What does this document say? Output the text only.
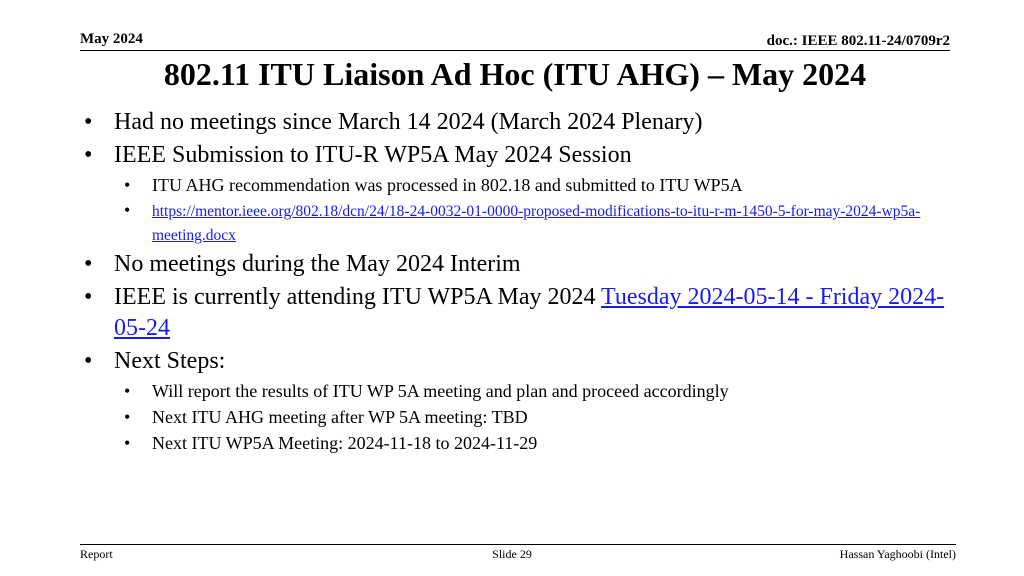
May 2024	doc.: IEEE 802.11-24/0709r2
802.11 ITU Liaison Ad Hoc (ITU AHG) – May 2024
• Had no meetings since March 14 2024 (March 2024 Plenary)
• IEEE Submission to ITU-R WP5A May 2024 Session
• ITU AHG recommendation was processed in 802.18 and submitted to ITU WP5A
• https://mentor.ieee.org/802.18/dcn/24/18-24-0032-01-0000-proposed-modifications-to-itu-r-m-1450-5-for-may-2024-wp5a-meeting.docx
• No meetings during the May 2024 Interim
• IEEE is currently attending ITU WP5A May 2024 Tuesday 2024-05-14 - Friday 2024-05-24
• Next Steps:
• Will report the results of ITU WP 5A meeting and plan and proceed accordingly
• Next ITU AHG meeting after WP 5A meeting: TBD
• Next ITU WP5A Meeting: 2024-11-18 to 2024-11-29
Report	Slide 29	Hassan Yaghoobi (Intel)
